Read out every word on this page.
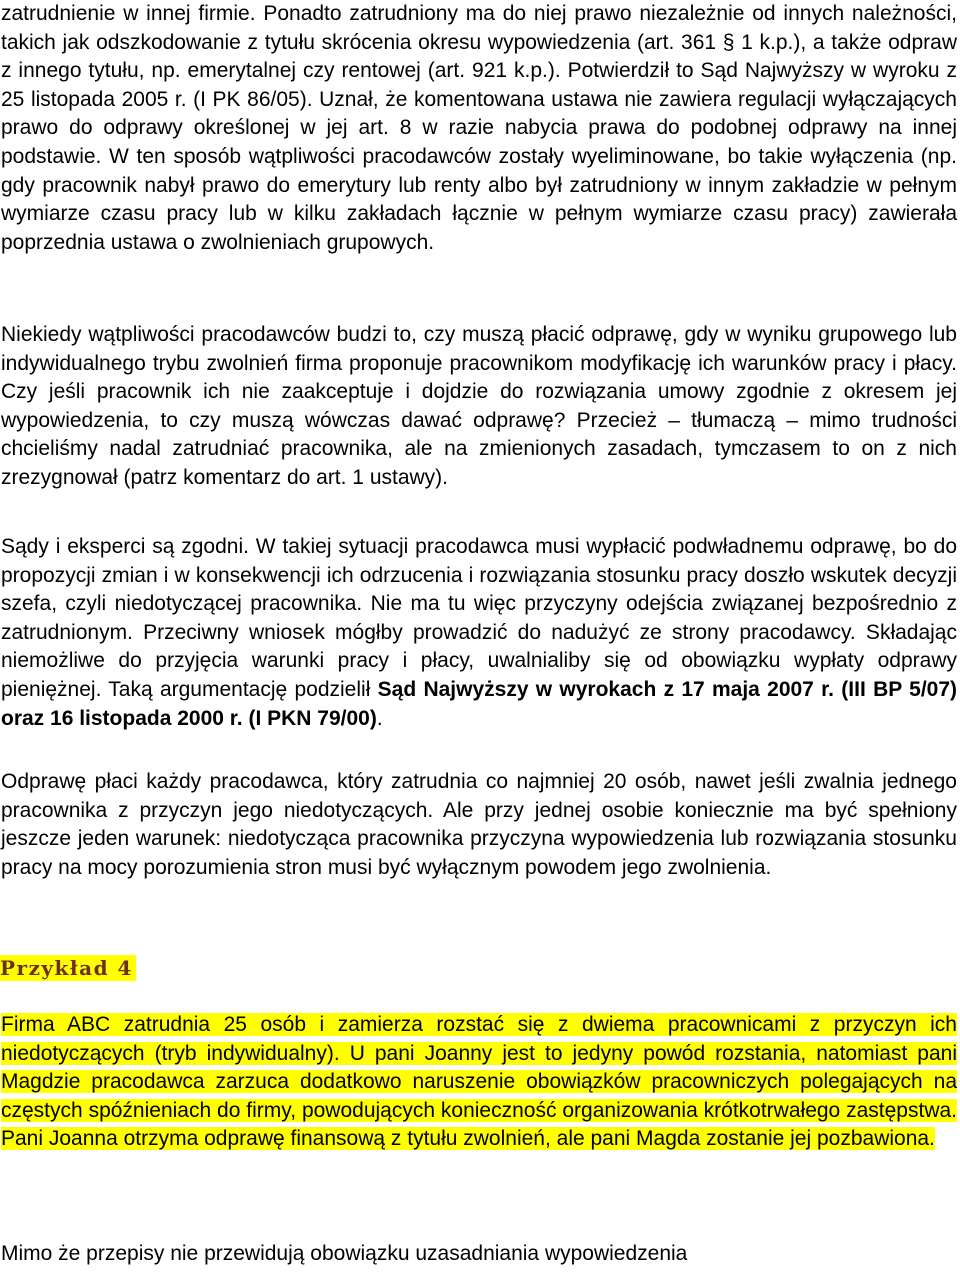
zatrudnienie w innej firmie. Ponadto zatrudniony ma do niej prawo niezależnie od innych należności, takich jak odszkodowanie z tytułu skrócenia okresu wypowiedzenia (art. 361 § 1 k.p.), a także odpraw z innego tytułu, np. emerytalnej czy rentowej (art. 921 k.p.). Potwierdził to Sąd Najwyższy w wyroku z 25 listopada 2005 r. (I PK 86/05). Uznał, że komentowana ustawa nie zawiera regulacji wyłączających prawo do odprawy określonej w jej art. 8 w razie nabycia prawa do podobnej odprawy na innej podstawie. W ten sposób wątpliwości pracodawców zostały wyeliminowane, bo takie wyłączenia (np. gdy pracownik nabył prawo do emerytury lub renty albo był zatrudniony w innym zakładzie w pełnym wymiarze czasu pracy lub w kilku zakładach łącznie w pełnym wymiarze czasu pracy) zawierała poprzednia ustawa o zwolnieniach grupowych.

Niekiedy wątpliwości pracodawców budzi to, czy muszą płacić odprawę, gdy w wyniku grupowego lub indywidualnego trybu zwolnień firma proponuje pracownikom modyfikację ich warunków pracy i płacy. Czy jeśli pracownik ich nie zaakceptuje i dojdzie do rozwiązania umowy zgodnie z okresem jej wypowiedzenia, to czy muszą wówczas dawać odprawę? Przecież – tłumaczą – mimo trudności chcieliśmy nadal zatrudniać pracownika, ale na zmienionych zasadach, tymczasem to on z nich zrezygnował (patrz komentarz do art. 1 ustawy).

Sądy i eksperci są zgodni. W takiej sytuacji pracodawca musi wypłacić podwładnemu odprawę, bo do propozycji zmian i w konsekwencji ich odrzucenia i rozwiązania stosunku pracy doszło wskutek decyzji szefa, czyli niedotyczącej pracownika. Nie ma tu więc przyczyny odejścia związanej bezpośrednio z zatrudnionym. Przeciwny wniosek mógłby prowadzić do nadużyć ze strony pracodawcy. Składając niemożliwe do przyjęcia warunki pracy i płacy, uwalnialiby się od obowiązku wypłaty odprawy pieniężnej. Taką argumentację podzielił Sąd Najwyższy w wyrokach z 17 maja 2007 r. (III BP 5/07) oraz 16 listopada 2000 r. (I PKN 79/00).

Odprawę płaci każdy pracodawca, który zatrudnia co najmniej 20 osób, nawet jeśli zwalnia jednego pracownika z przyczyn jego niedotyczących. Ale przy jednej osobie koniecznie ma być spełniony jeszcze jeden warunek: niedotycząca pracownika przyczyna wypowiedzenia lub rozwiązania stosunku pracy na mocy porozumienia stron musi być wyłącznym powodem jego zwolnienia.

Przykład 4

Firma ABC zatrudnia 25 osób i zamierza rozstać się z dwiema pracownicami z przyczyn ich niedotyczących (tryb indywidualny). U pani Joanny jest to jedyny powód rozstania, natomiast pani Magdzie pracodawca zarzuca dodatkowo naruszenie obowiązków pracowniczych polegających na częstych spóźnieniach do firmy, powodujących konieczność organizowania krótkotrwałego zastępstwa. Pani Joanna otrzyma odprawę finansową z tytułu zwolnień, ale pani Magda zostanie jej pozbawiona.

Mimo że przepisy nie przewidują obowiązku uzasadniania wypowiedzenia
